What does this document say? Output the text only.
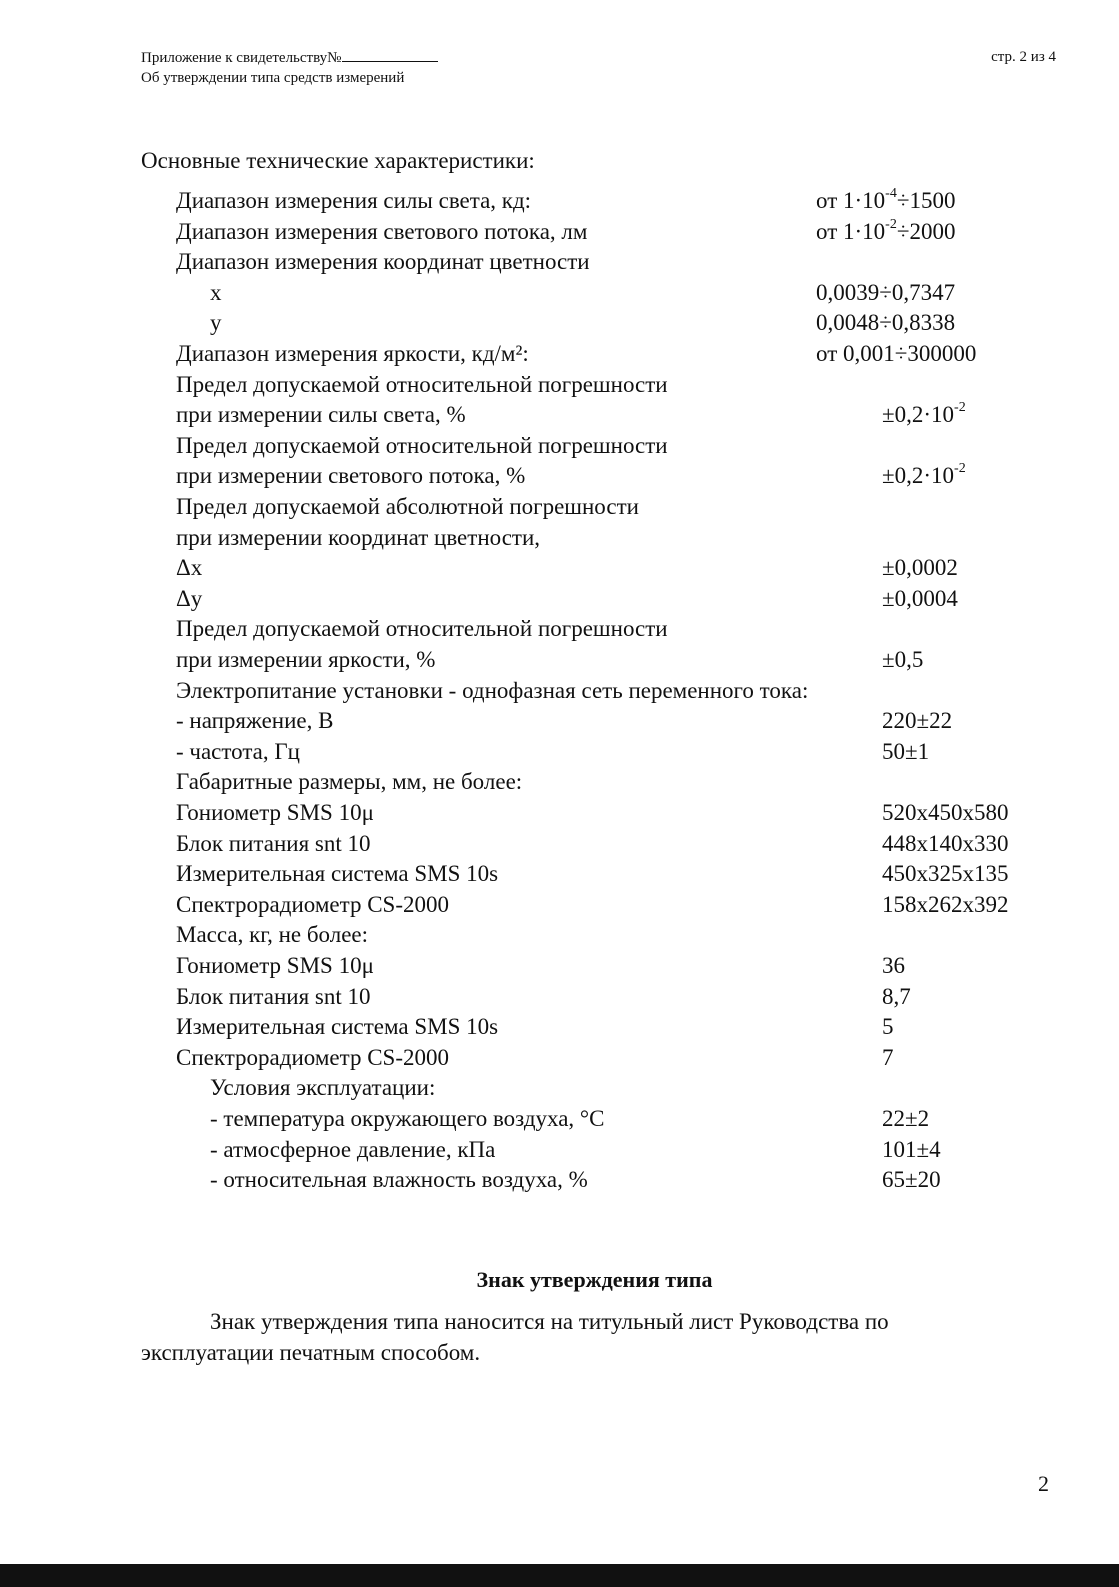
Приложение к свидетельству№
Об утверждении типа средств измерений
стр. 2 из 4
Основные технические характеристики:
Диапазон измерения силы света, кд:	от $1\cdot 10^{-4}\div 1500$
Диапазон измерения светового потока, лм	от $1\cdot 10^{-2}\div 2000$
Диапазон измерения координат цветности
х	0,0039÷0,7347
у	0,0048÷0,8338
Диапазон измерения яркости, кд/м²:	от 0,001÷300000
Предел допускаемой относительной погрешности
при измерении силы света, %	$\pm 0,2\cdot 10^{-2}$
Предел допускаемой относительной погрешности
при измерении светового потока, %	$\pm 0,2\cdot 10^{-2}$
Предел допускаемой абсолютной погрешности
при измерении координат цветности,
Δх	±0,0002
Δу	±0,0004
Предел допускаемой относительной погрешности
при измерении яркости, %	±0,5
Электропитание установки - однофазная сеть переменного тока:
- напряжение, В	220±22
- частота, Гц	50±1
Габаритные размеры, мм, не более:
Гониометр SMS 10μ	520х450х580
Блок питания snt 10	448х140х330
Измерительная система SMS 10s	450х325х135
Спектрорадиометр CS-2000	158х262х392
Масса, кг, не более:
Гониометр SMS 10μ	36
Блок питания snt 10	8,7
Измерительная система SMS 10s	5
Спектрорадиометр CS-2000	7
Условия эксплуатации:
- температура окружающего воздуха, °С	22±2
- атмосферное давление, кПа	101±4
- относительная влажность воздуха, %	65±20
Знак утверждения типа
Знак утверждения типа наносится на титульный лист Руководства по эксплуатации печатным способом.
2
